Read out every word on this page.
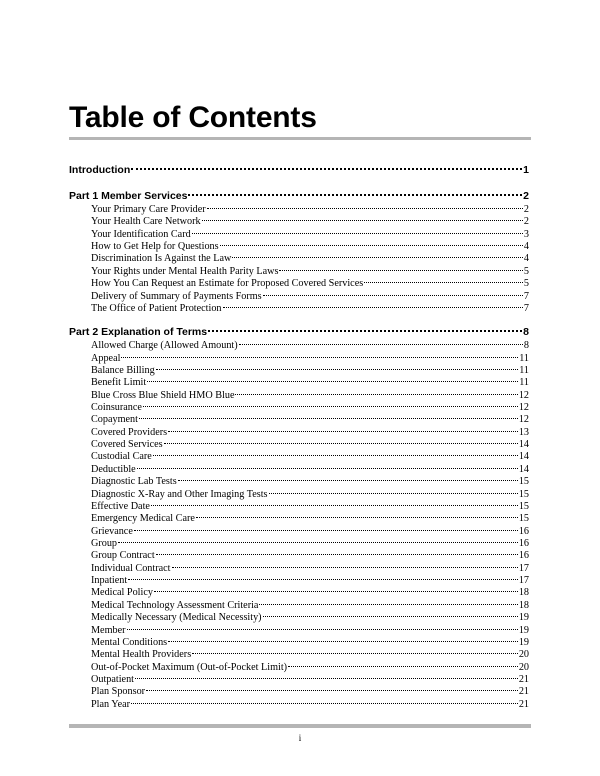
Table of Contents
Introduction	1
Part 1 Member Services	2
Your Primary Care Provider	2
Your Health Care Network	2
Your Identification Card	3
How to Get Help for Questions	4
Discrimination Is Against the Law	4
Your Rights under Mental Health Parity Laws	5
How You Can Request an Estimate for Proposed Covered Services	5
Delivery of Summary of Payments Forms	7
The Office of Patient Protection	7
Part 2 Explanation of Terms	8
Allowed Charge (Allowed Amount)	8
Appeal	11
Balance Billing	11
Benefit Limit	11
Blue Cross Blue Shield HMO Blue	12
Coinsurance	12
Copayment	12
Covered Providers	13
Covered Services	14
Custodial Care	14
Deductible	14
Diagnostic Lab Tests	15
Diagnostic X-Ray and Other Imaging Tests	15
Effective Date	15
Emergency Medical Care	15
Grievance	16
Group	16
Group Contract	16
Individual Contract	17
Inpatient	17
Medical Policy	18
Medical Technology Assessment Criteria	18
Medically Necessary (Medical Necessity)	19
Member	19
Mental Conditions	19
Mental Health Providers	20
Out-of-Pocket Maximum (Out-of-Pocket Limit)	20
Outpatient	21
Plan Sponsor	21
Plan Year	21
i
